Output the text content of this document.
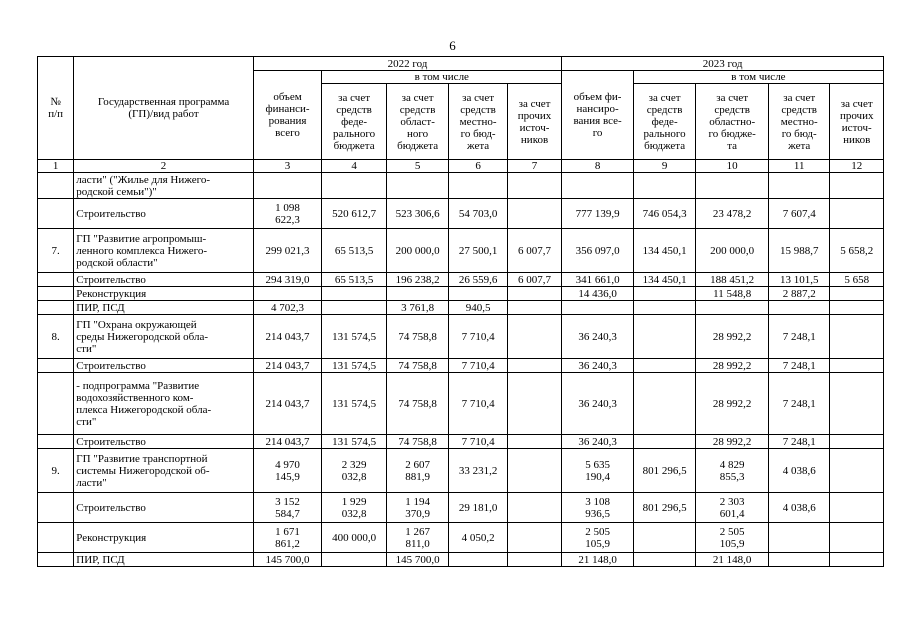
6
№
п/п	Государственная программа
(ГП)/вид работ	2022 год					2023 год				
		объем
финанси-
рования
всего	в том числе				объем фи-
нансиро-
вания все-
го	в том числе			
			за счет
средств
феде-
рального
бюджета	за счет
средств
област-
ного
бюджета	за счет
средств
местно-
го бюд-
жета	за счет
прочих
источ-
ников		за счет
средств
феде-
рального
бюджета	за счет
средств
областно-
го бюдже-
та	за счет
средств
местно-
го бюд-
жета	за счет
прочих
источ-
ников
1	2	3	4	5	6	7	8	9	10	11	12
	ласти" ("Жилье для Нижего-
родской семьи")"										
	Строительство	1 098
622,3	520 612,7	523 306,6	54 703,0		777 139,9	746 054,3	23 478,2	7 607,4	
7.	ГП "Развитие агропромыш-
ленного комплекса Нижего-
родской области"	299 021,3	65 513,5	200 000,0	27 500,1	6 007,7	356 097,0	134 450,1	200 000,0	15 988,7	5 658,2
	Строительство	294 319,0	65 513,5	196 238,2	26 559,6	6 007,7	341 661,0	134 450,1	188 451,2	13 101,5	5 658
	Реконструкция						14 436,0		11 548,8	2 887,2	
	ПИР, ПСД	4 702,3		3 761,8	940,5						
8.	ГП "Охрана окружающей
среды Нижегородской обла-
сти"	214 043,7	131 574,5	74 758,8	7 710,4		36 240,3		28 992,2	7 248,1	
	Строительство	214 043,7	131 574,5	74 758,8	7 710,4		36 240,3		28 992,2	7 248,1	
	- подпрограмма "Развитие
водохозяйственного ком-
плекса Нижегородской обла-
сти"	214 043,7	131 574,5	74 758,8	7 710,4		36 240,3		28 992,2	7 248,1	
	Строительство	214 043,7	131 574,5	74 758,8	7 710,4		36 240,3		28 992,2	7 248,1	
9.	ГП "Развитие транспортной
системы Нижегородской об-
ласти"	4 970
145,9	2 329
032,8	2 607
881,9	33 231,2		5 635
190,4	801 296,5	4 829
855,3	4 038,6	
	Строительство	3 152
584,7	1 929
032,8	1 194
370,9	29 181,0		3 108
936,5	801 296,5	2 303
601,4	4 038,6	
	Реконструкция	1 671
861,2	400 000,0	1 267
811,0	4 050,2		2 505
105,9		2 505
105,9		
	ПИР, ПСД	145 700,0		145 700,0			21 148,0		21 148,0		
